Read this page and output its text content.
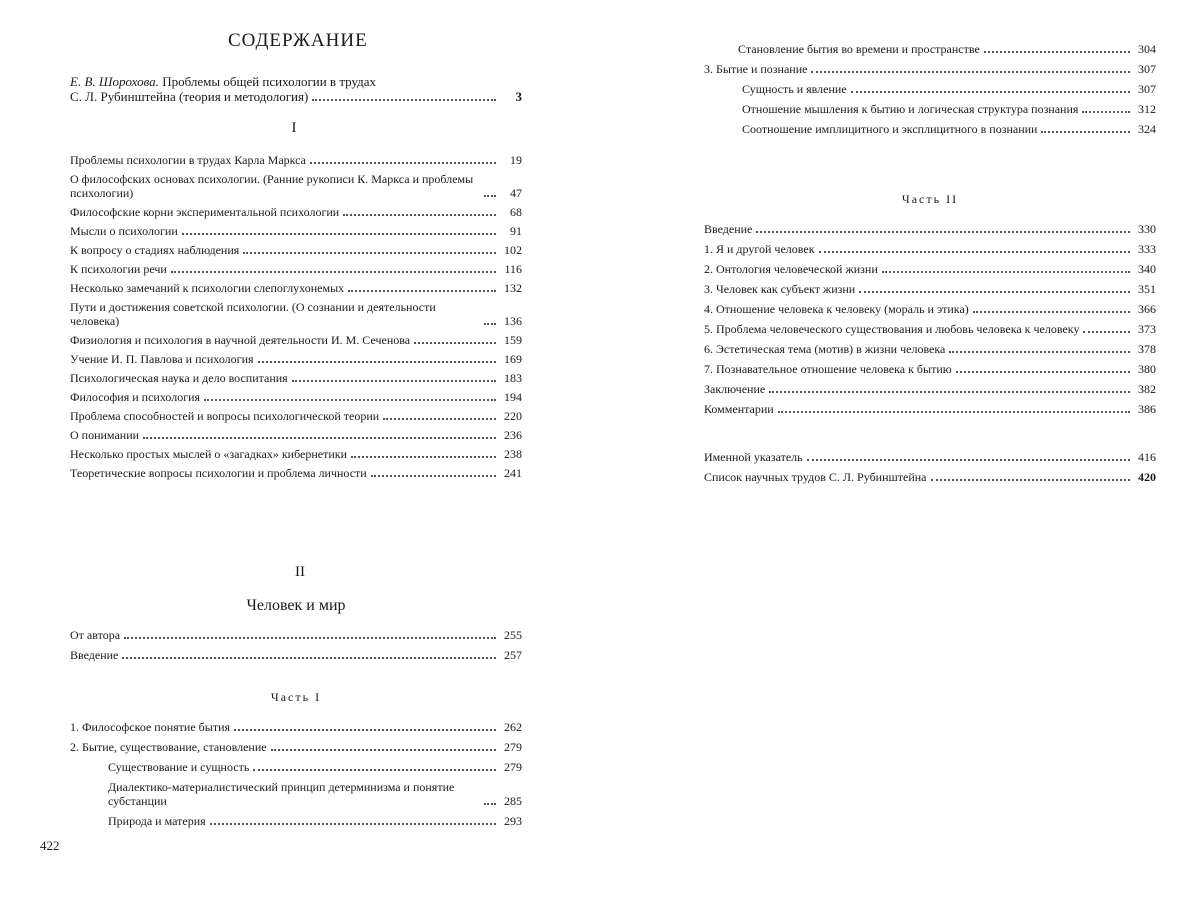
СОДЕРЖАНИЕ
Е. В. Шорохова. Проблемы общей психологии в трудах
С. Л. Рубинштейна (теория и методология)	3
I
Проблемы психологии в трудах Карла Маркса	19
О философских основах психологии. (Ранние рукописи К. Маркса и проблемы психологии)	47
Философские корни экспериментальной психологии	68
Мысли о психологии	91
К вопросу о стадиях наблюдения	102
К психологии речи	116
Несколько замечаний к психологии слепоглухонемых	132
Пути и достижения советской психологии. (О сознании и деятельности человека)	136
Физиология и психология в научной деятельности И. М. Сеченова	159
Учение И. П. Павлова и психология	169
Психологическая наука и дело воспитания	183
Философия и психология	194
Проблема способностей и вопросы психологической теории	220
О понимании	236
Несколько простых мыслей о «загадках» кибернетики	238
Теоретические вопросы психологии и проблема личности	241
II
Человек и мир
От автора	255
Введение	257
Часть I
1. Философское понятие бытия	262
2. Бытие, существование, становление	279
Существование и сущность	279
Диалектико-материалистический принцип детерминизма и понятие субстанции	285
Природа и материя	293
422
Становление бытия во времени и пространстве	304
3. Бытие и познание	307
Сущность и явление	307
Отношение мышления к бытию и логическая структура познания	312
Соотношение имплицитного и эксплицитного в познании	324
Часть II
Введение	330
1. Я и другой человек	333
2. Онтология человеческой жизни	340
3. Человек как субъект жизни	351
4. Отношение человека к человеку (мораль и этика)	366
5. Проблема человеческого существования и любовь человека к человеку	373
6. Эстетическая тема (мотив) в жизни человека	378
7. Познавательное отношение человека к бытию	380
Заключение	382
Комментарии	386
Именной указатель	416
Список научных трудов С. Л. Рубинштейна	420
